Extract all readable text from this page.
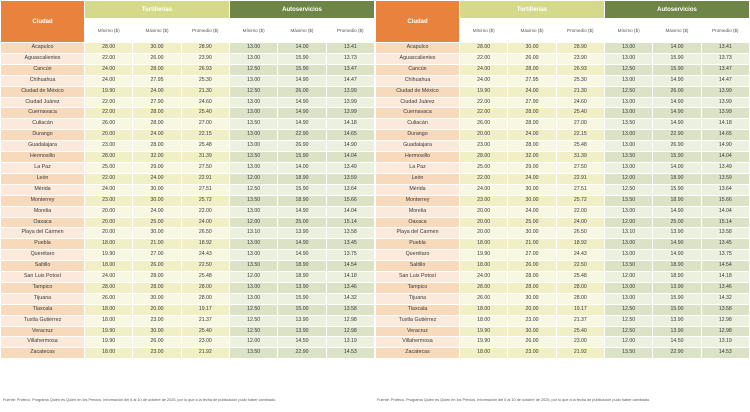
Ciudad	Tortillerías			Autoservicios		
	Mínimo ($)	Máximo ($)	Promedio ($)	Mínimo ($)	Máximo ($)	Promedio ($)
Acapulco	28.00	30.00	28.90	13.00	14.00	13.41
Aguascalientes	22.00	26.00	23.90	13.00	15.90	13.73
Cancún	24.00	28.00	26.93	12.50	15.90	13.47
Chihuahua	24.00	27.95	25.30	13.00	14.90	14.47
Ciudad de México	19.90	24.00	21.30	12.50	26.00	13.99
Ciudad Juárez	22.00	27.90	24.60	13.00	14.90	13.99
Cuernavaca	22.00	28.00	25.40	13.00	14.90	13.99
Culiacán	26.00	28.00	27.00	13.50	14.90	14.18
Durango	20.00	24.00	22.15	13.00	22.90	14.65
Guadalajara	23.00	28.00	25.48	13.00	26.90	14.90
Hermosillo	28.00	32.00	31.39	13.50	15.90	14.04
La Paz	25.00	29.00	27.50	13.00	14.00	13.49
León	22.00	24.00	22.91	12.00	18.90	13.59
Mérida	24.00	30.00	27.51	12.50	15.90	13.64
Monterrey	23.00	30.00	25.72	13.50	18.90	15.66
Morelia	20.00	24.00	22.00	13.00	14.90	14.04
Oaxaca	20.00	25.00	24.00	12.00	25.00	15.14
Playa del Carmen	20.00	30.00	26.50	13.10	13.90	13.58
Puebla	18.00	21.00	18.92	13.00	14.90	13.45
Querétaro	19.90	27.00	24.43	13.00	14.90	13.75
Saltillo	18.00	26.00	22.50	13.50	18.90	14.54
San Luis Potosí	24.00	28.00	25.48	12.00	18.90	14.18
Tampico	28.00	28.00	28.00	13.00	13.90	13.46
Tijuana	26.00	30.00	28.00	13.00	15.90	14.32
Tlaxcala	18.00	20.00	19.17	12.50	15.00	13.58
Tuxtla Gutiérrez	18.00	23.00	21.37	12.50	13.90	12.98
Veracruz	19.90	30.00	25.40	12.50	13.90	12.98
Villahermosa	19.90	26.00	23.00	12.00	14.50	13.19
Zacatecas	18.00	23.00	21.92	13.50	22.90	14.53
Ciudad	Tortillerías			Autoservicios		
	Mínimo ($)	Máximo ($)	Promedio ($)	Mínimo ($)	Máximo ($)	Promedio ($)
Acapulco	28.00	30.00	28.90	13.00	14.00	13.41
Aguascalientes	22.00	26.00	23.90	13.00	15.90	13.73
Cancún	24.00	28.00	26.93	12.50	15.90	13.47
Chihuahua	24.00	27.95	25.30	13.00	14.90	14.47
Ciudad de México	19.90	24.00	21.30	12.50	26.00	13.99
Ciudad Juárez	22.00	27.90	24.60	13.00	14.90	13.99
Cuernavaca	22.00	28.00	25.40	13.00	14.90	13.99
Culiacán	26.00	28.00	27.00	13.50	14.90	14.18
Durango	20.00	24.00	22.15	13.00	22.90	14.65
Guadalajara	23.00	28.00	25.48	13.00	26.90	14.90
Hermosillo	28.00	32.00	31.39	13.50	15.90	14.04
La Paz	25.00	29.00	27.50	13.00	14.00	13.49
León	22.00	24.00	22.91	12.00	18.90	13.59
Mérida	24.00	30.00	27.51	12.50	15.90	13.64
Monterrey	23.00	30.00	25.72	13.50	18.90	15.66
Morelia	20.00	24.00	22.00	13.00	14.90	14.04
Oaxaca	20.00	25.00	24.00	12.00	25.00	15.14
Playa del Carmen	20.00	30.00	26.50	13.10	13.90	13.58
Puebla	18.00	21.00	18.92	13.00	14.90	13.45
Querétaro	19.90	27.00	24.43	13.00	14.90	13.75
Saltillo	18.00	26.00	22.50	13.50	18.90	14.54
San Luis Potosí	24.00	28.00	25.48	12.00	18.90	14.18
Tampico	28.00	28.00	28.00	13.00	13.90	13.46
Tijuana	26.00	30.00	28.00	13.00	15.90	14.32
Tlaxcala	18.00	20.00	19.17	12.50	15.00	13.58
Tuxtla Gutiérrez	18.00	23.00	21.37	12.50	13.90	12.98
Veracruz	19.90	30.00	25.40	12.50	13.90	12.98
Villahermosa	19.90	26.00	23.00	12.00	14.50	13.19
Zacatecas	18.00	23.00	21.92	13.50	22.90	14.53
Fuente: Profeco. Programa Quién es Quién en los Precios. Información del 6 al 10 de octubre de 2025, por lo que a la fecha de publicación pudo haber cambiado.	Fuente: Profeco. Programa Quién es Quién en los Precios. Información del 6 al 10 de octubre de 2025, por lo que a la fecha de publicación pudo haber cambiado.
